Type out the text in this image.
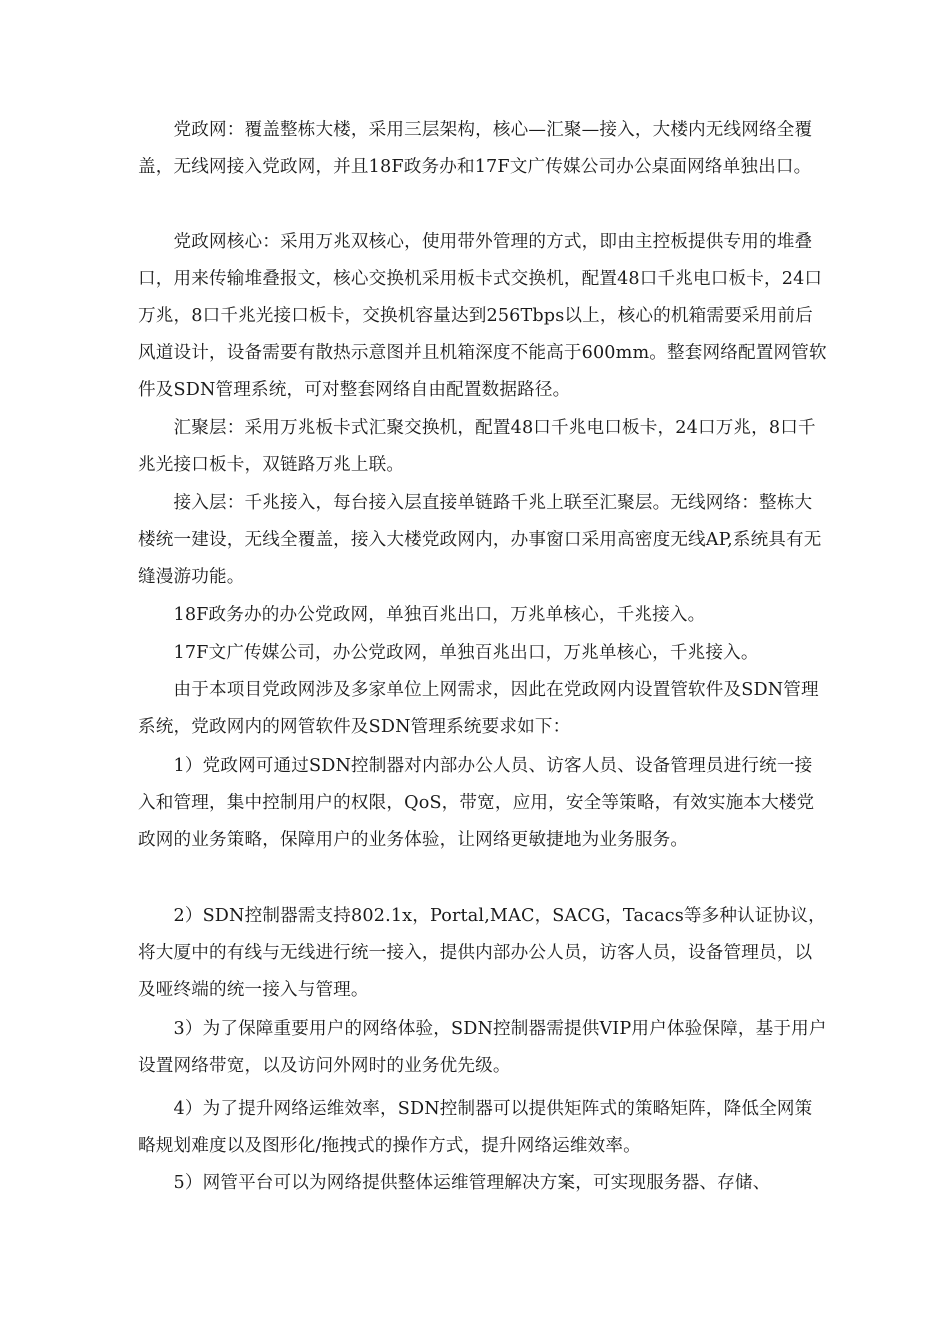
　　党政网：覆盖整栋大楼，采用三层架构，核心—汇聚—接入，大楼内无线网络全覆盖，无线网接入党政网，并且18F政务办和17F文广传媒公司办公桌面网络单独出口。

　　党政网核心：采用万兆双核心，使用带外管理的方式，即由主控板提供专用的堆叠口，用来传输堆叠报文，核心交换机采用板卡式交换机，配置48口千兆电口板卡，24口万兆，8口千兆光接口板卡，交换机容量达到256Tbps以上，核心的机箱需要采用前后风道设计，设备需要有散热示意图并且机箱深度不能高于600mm。整套网络配置网管软件及SDN管理系统，可对整套网络自由配置数据路径。

　　汇聚层：采用万兆板卡式汇聚交换机，配置48口千兆电口板卡，24口万兆，8口千兆光接口板卡，双链路万兆上联。

　　接入层：千兆接入，每台接入层直接单链路千兆上联至汇聚层。无线网络：整栋大楼统一建设，无线全覆盖，接入大楼党政网内，办事窗口采用高密度无线AP,系统具有无缝漫游功能。

　　18F政务办的办公党政网，单独百兆出口，万兆单核心，千兆接入。

　　17F文广传媒公司，办公党政网，单独百兆出口，万兆单核心，千兆接入。

　　由于本项目党政网涉及多家单位上网需求，因此在党政网内设置管软件及SDN管理系统，党政网内的网管软件及SDN管理系统要求如下：

　　1）党政网可通过SDN控制器对内部办公人员、访客人员、设备管理员进行统一接入和管理，集中控制用户的权限，QoS，带宽，应用，安全等策略，有效实施本大楼党政网的业务策略，保障用户的业务体验，让网络更敏捷地为业务服务。

　　2）SDN控制器需支持802.1x，Portal,MAC，SACG，Tacacs等多种认证协议，将大厦中的有线与无线进行统一接入，提供内部办公人员，访客人员，设备管理员，以及哑终端的统一接入与管理。

　　3）为了保障重要用户的网络体验，SDN控制器需提供VIP用户体验保障，基于用户设置网络带宽，以及访问外网时的业务优先级。

　　4）为了提升网络运维效率，SDN控制器可以提供矩阵式的策略矩阵，降低全网策略规划难度以及图形化/拖拽式的操作方式，提升网络运维效率。

　　5）网管平台可以为网络提供整体运维管理解决方案，可实现服务器、存储、
